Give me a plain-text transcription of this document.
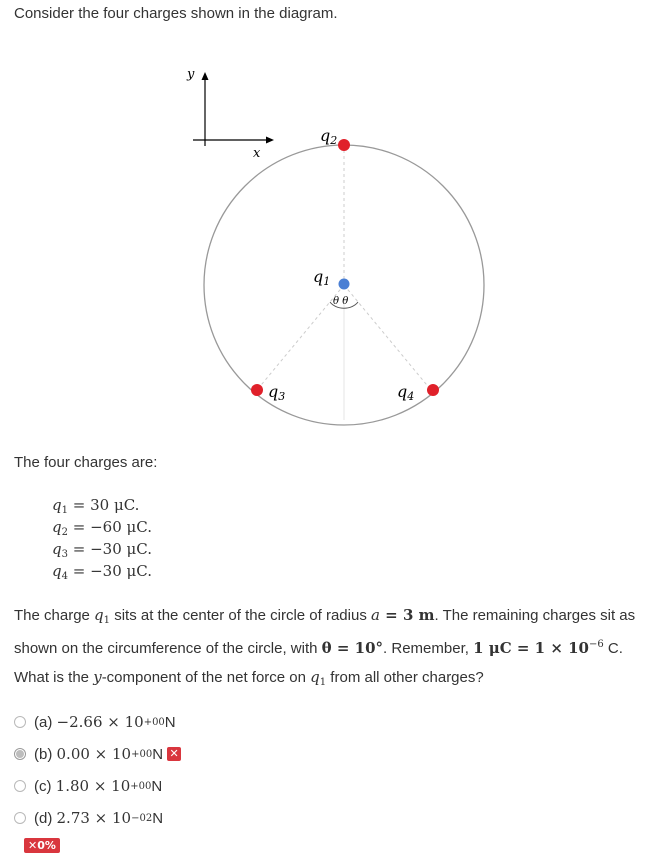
Consider the four charges shown in the diagram.

y
x
θ θ
q1
q2
q3	q4

The four charges are:

$q_1 = 30$ μC.
$q_2 = -60$ μC.
$q_3 = -30$ μC.
$q_4 = -30$ μC.

The charge $q_1$ sits at the center of the circle of radius a = 3 m. The remaining charges sit as shown on the circumference of the circle, with θ = 10°. Remember, 1 $\mu C = 1 \times 10^{-6}$ C.

What is the y-component of the net force on $q_1$ from all other charges?

(a)
−2.66 × 10 +00 N
(b)
0.00 × 10 +00 N ✕
(c)
1.80 × 10 +00 N
(d)
2.73 × 10 −02 N
✕0%
